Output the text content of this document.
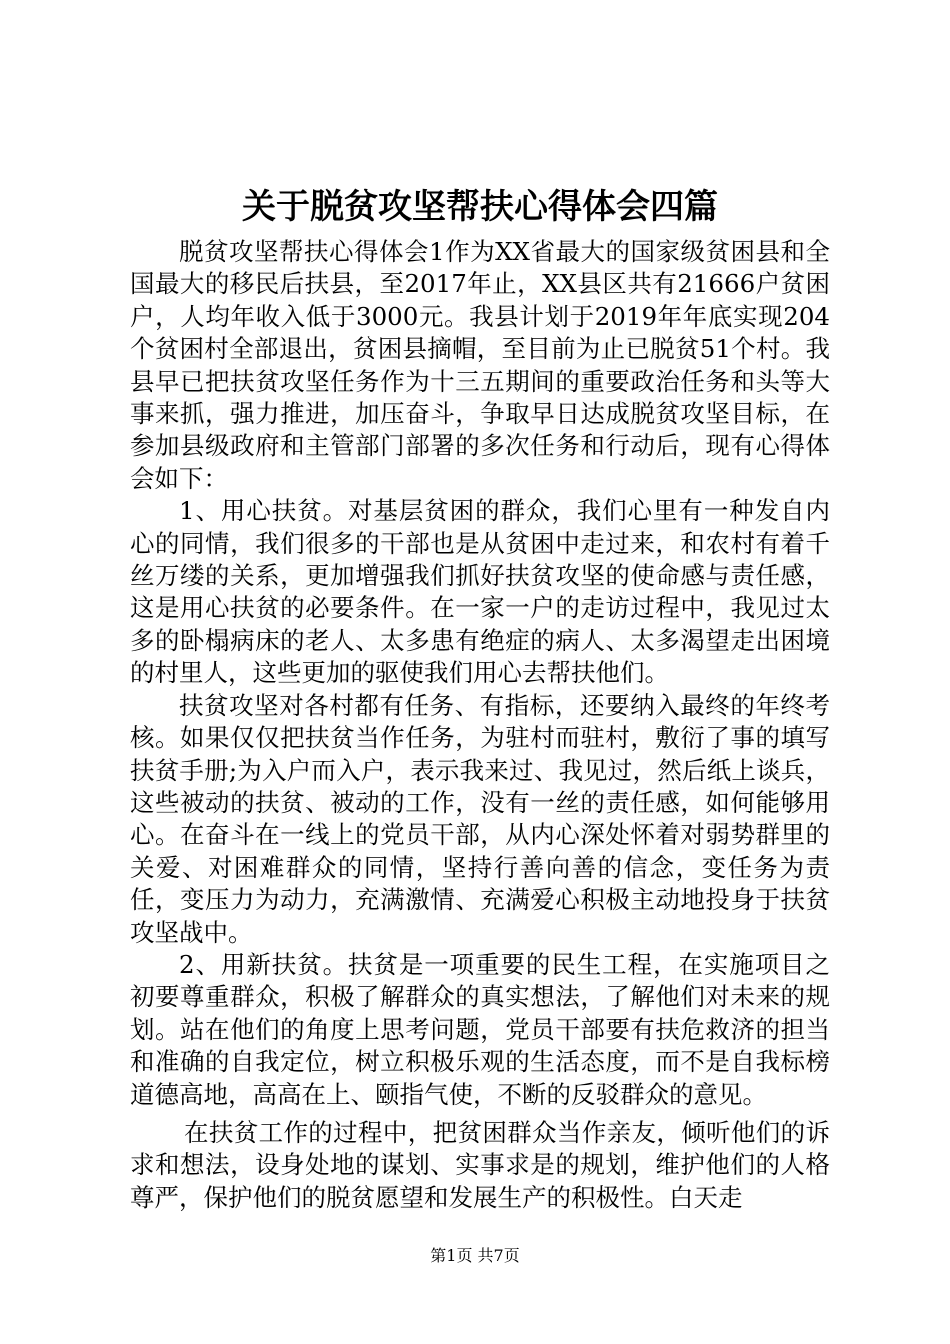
关于脱贫攻坚帮扶心得体会四篇

脱贫攻坚帮扶心得体会1作为XX省最大的国家级贫困县和全国最大的移民后扶县，至2017年止，XX县区共有21666户贫困户，人均年收入低于3000元。我县计划于2019年年底实现204个贫困村全部退出，贫困县摘帽，至目前为止已脱贫51个村。我县早已把扶贫攻坚任务作为十三五期间的重要政治任务和头等大事来抓，强力推进，加压奋斗，争取早日达成脱贫攻坚目标，在参加县级政府和主管部门部署的多次任务和行动后，现有心得体会如下：

1、用心扶贫。对基层贫困的群众，我们心里有一种发自内心的同情，我们很多的干部也是从贫困中走过来，和农村有着千丝万缕的关系，更加增强我们抓好扶贫攻坚的使命感与责任感，这是用心扶贫的必要条件。在一家一户的走访过程中，我见过太多的卧榻病床的老人、太多患有绝症的病人、太多渴望走出困境的村里人，这些更加的驱使我们用心去帮扶他们。

扶贫攻坚对各村都有任务、有指标，还要纳入最终的年终考核。如果仅仅把扶贫当作任务，为驻村而驻村，敷衍了事的填写扶贫手册;为入户而入户，表示我来过、我见过，然后纸上谈兵，这些被动的扶贫、被动的工作，没有一丝的责任感，如何能够用心。在奋斗在一线上的党员干部，从内心深处怀着对弱势群里的关爱、对困难群众的同情，坚持行善向善的信念，变任务为责任，变压力为动力，充满激情、充满爱心积极主动地投身于扶贫攻坚战中。

2、用新扶贫。扶贫是一项重要的民生工程，在实施项目之初要尊重群众，积极了解群众的真实想法，了解他们对未来的规划。站在他们的角度上思考问题，党员干部要有扶危救济的担当和准确的自我定位，树立积极乐观的生活态度，而不是自我标榜道德高地，高高在上、颐指气使，不断的反驳群众的意见。

在扶贫工作的过程中，把贫困群众当作亲友，倾听他们的诉求和想法，设身处地的谋划、实事求是的规划，维护他们的人格尊严，保护他们的脱贫愿望和发展生产的积极性。白天走

第1页 共7页
